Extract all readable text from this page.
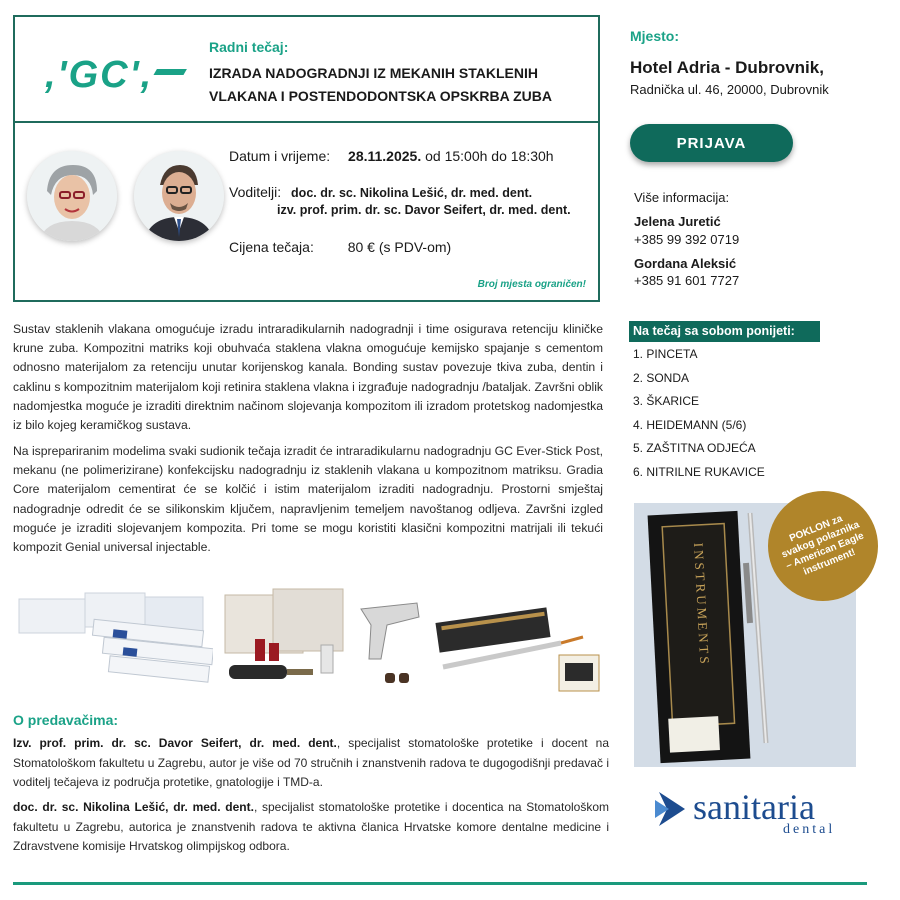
,'GC',
Radni tečaj:
IZRADA NADOGRADNJI IZ MEKANIH STAKLENIH
VLAKANA I POSTENDODONTSKA OPSKRBA ZUBA
Datum i vrijeme: 28.11.2025. od 15:00h do 18:30h
Voditelji: doc. dr. sc. Nikolina Lešić, dr. med. dent.
izv. prof. prim. dr. sc. Davor Seifert, dr. med. dent.
Cijena tečaja: 80 € (s PDV-om)
Broj mjesta ograničen!
Mjesto:
Hotel Adria - Dubrovnik,
Radnička ul. 46, 20000, Dubrovnik
PRIJAVA
Više informacija:
Jelena Juretić
+385 99 392 0719
Gordana Aleksić
+385 91 601 7727
Na tečaj sa sobom ponijeti:
1. PINCETA
2. SONDA
3. ŠKARICE
4. HEIDEMANN (5/6)
5. ZAŠTITNA ODJEĆA
6. NITRILNE RUKAVICE
INSTRUMENTS
POKLON za svakog polaznika – American Eagle instrument!
sanitaria
dental
Sustav staklenih vlakana omogućuje izradu intraradikularnih nadogradnji i time osigurava retenciju kliničke krune zuba. Kompozitni matriks koji obuhvaća staklena vlakna omogućuje kemijsko spajanje s cementom odnosno materijalom za retenciju unutar korijenskog kanala. Bonding sustav povezuje tkiva zuba, dentin i caklinu s kompozitnim materijalom koji retinira staklena vlakna i izgrađuje nadogradnju /bataljak. Završni oblik nadomjestka moguće je izraditi direktnim načinom slojevanja kompozitom ili izradom protetskog nadomjestka iz bilo kojeg keramičkog sustava.
Na isprepariranim modelima svaki sudionik tečaja izradit će intraradikularnu nadogradnju GC Ever-Stick Post, mekanu (ne polimerizirane) konfekcijsku nadogradnju iz staklenih vlakana u kompozitnom matriksu. Gradia Core materijalom cementirat će se kolčić i istim materijalom izraditi nadogradnju. Prostorni smještaj nadogradnje odredit će se silikonskim ključem, napravljenim temeljem navoštanog odljeva. Završni izgled moguće je izraditi slojevanjem kompozita. Pri tome se mogu koristiti klasični kompozitni matrijali ili tekući kompozit Genial universal injectable.
O predavačima:
Izv. prof. prim. dr. sc. Davor Seifert, dr. med. dent., specijalist stomatološke protetike i docent na Stomatološkom fakultetu u Zagrebu, autor je više od 70 stručnih i znanstvenih radova te dugogodišnji predavač i voditelj tečajeva iz područja protetike, gnatologije i TMD-a.
doc. dr. sc. Nikolina Lešić, dr. med. dent., specijalist stomatološke protetike i docentica na Stomatološkom fakultetu u Zagrebu, autorica je znanstvenih radova te aktivna članica Hrvatske komore dentalne medicine i Zdravstvene komisije Hrvatskog olimpijskog odbora.
